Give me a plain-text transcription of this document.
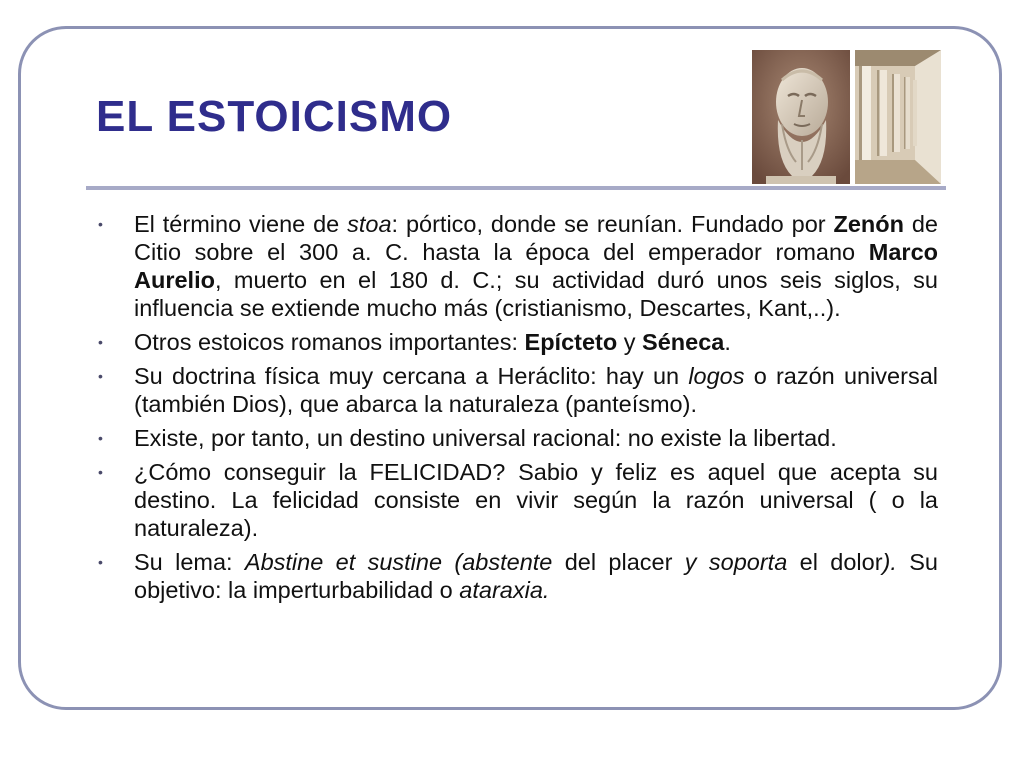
EL ESTOICISMO
• El término viene de stoa: pórtico, donde se reunían. Fundado por Zenón de Citio sobre el 300 a. C. hasta la época del emperador romano Marco Aurelio, muerto en el 180 d. C.; su actividad duró unos seis siglos, su influencia se extiende mucho más (cristianismo, Descartes, Kant,..).
• Otros estoicos romanos importantes: Epícteto y Séneca.
• Su doctrina física muy cercana a Heráclito: hay un logos o razón universal (también Dios), que abarca la naturaleza (panteísmo).
• Existe, por tanto, un destino universal racional: no existe la libertad.
• ¿Cómo conseguir la FELICIDAD? Sabio y feliz es aquel que acepta su destino. La felicidad consiste en vivir según la razón universal ( o la naturaleza).
• Su lema: Abstine et sustine (abstente del placer y soporta el dolor). Su objetivo: la imperturbabilidad o ataraxia.
